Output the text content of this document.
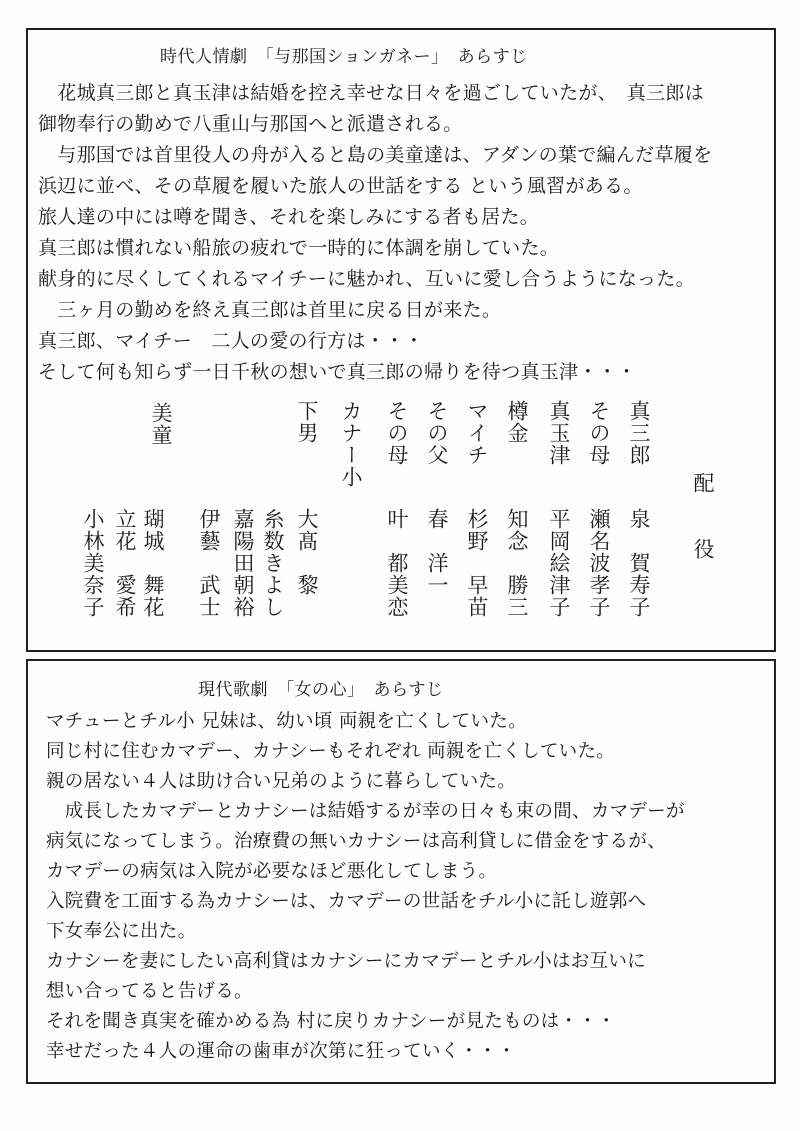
時代人情劇　「与那国ションガネー」　あらすじ

　花城真三郎と真玉津は結婚を控え幸せな日々を過ごしていたが、　真三郎は
御物奉行の勤めで八重山与那国へと派遣される。
　与那国では首里役人の舟が入ると島の美童達は、アダンの葉で編んだ草履を
浜辺に並べ、その草履を履いた旅人の世話をする という風習がある。
旅人達の中には噂を聞き、それを楽しみにする者も居た。
真三郎は慣れない船旅の疲れで一時的に体調を崩していた。
献身的に尽くしてくれるマイチーに魅かれ、互いに愛し合うようになった。
　三ヶ月の勤めを終え真三郎は首里に戻る日が来た。
真三郎、マイチー　二人の愛の行方は・・・
そして何も知らず一日千秋の想いで真三郎の帰りを待つ真玉津・・・

配
役
真三郎泉　賀寿子
その母瀬名波孝子
真玉津平岡絵津子
樽金知念　勝三
マイチ杉野　早苗
その父春　洋一
その母叶　都美恋
カナー小
下男大髙　黎
美童
糸数きよし
嘉陽田朝裕
伊藝　武士
瑚城　舞花
立花　愛希
小林美奈子
現代歌劇　「女の心」　あらすじ

マチューとチル小 兄妹は、幼い頃 両親を亡くしていた。
同じ村に住むカマデー、カナシーもそれぞれ 両親を亡くしていた。
親の居ない４人は助け合い兄弟のように暮らしていた。
　成長したカマデーとカナシーは結婚するが幸の日々も束の間、カマデーが
病気になってしまう。治療費の無いカナシーは高利貸しに借金をするが、
カマデーの病気は入院が必要なほど悪化してしまう。
入院費を工面する為カナシーは、カマデーの世話をチル小に託し遊郭へ
下女奉公に出た。
カナシーを妻にしたい高利貸はカナシーにカマデーとチル小はお互いに
想い合ってると告げる。
それを聞き真実を確かめる為 村に戻りカナシーが見たものは・・・
幸せだった４人の運命の歯車が次第に狂っていく・・・
